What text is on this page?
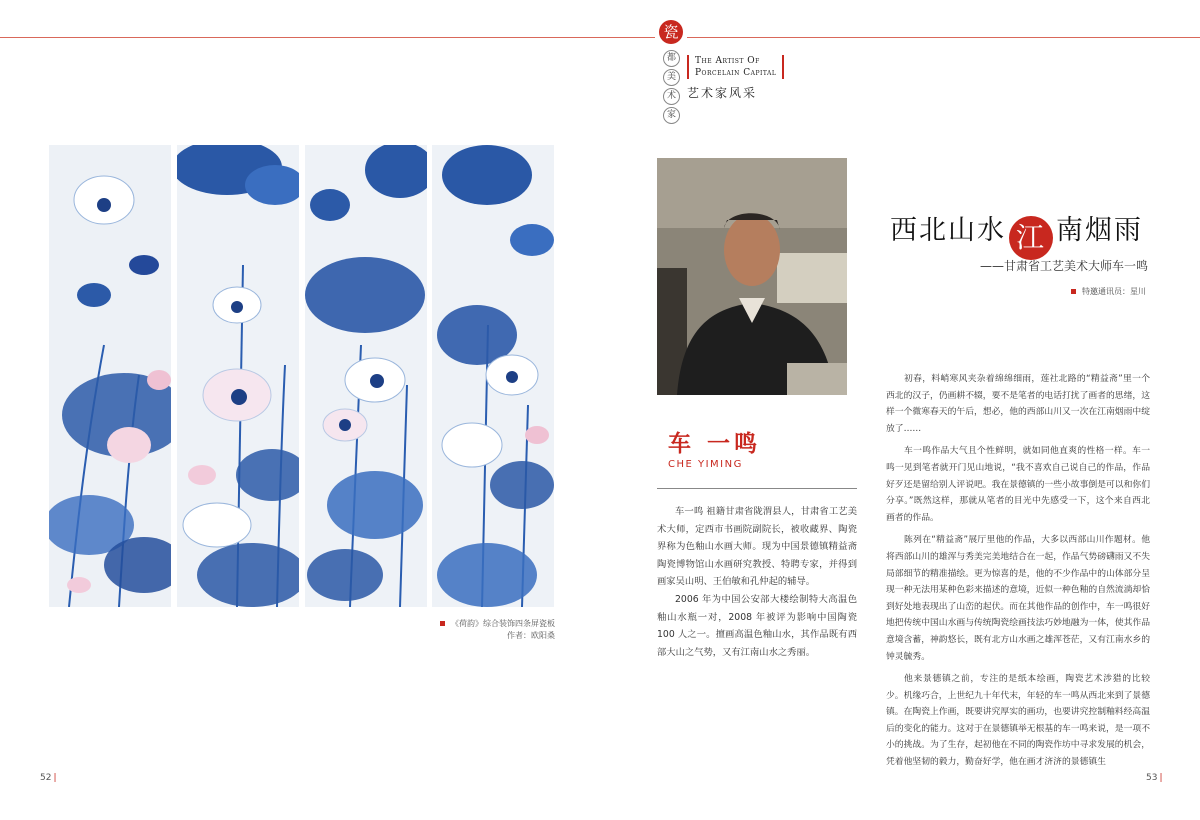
瓷
都
美
术
家
The Artist Of
Porcelain Capital
艺术家风采
《荷韵》综合装饰四条屏瓷板
作者：欧阳桑
西北山水 江 南烟雨
——甘肃省工艺美术大师车一鸣
特邀通讯员：星川
车 一鸣
CHE YIMING

车一鸣 祖籍甘肃省陇渭县人，甘肃省工艺美术大师，定西市书画院副院长，被收藏界、陶瓷界称为色釉山水画大师。现为中国景德镇精益斋陶瓷博物馆山水画研究教授、特聘专家，并得到画家吴山明、王伯敏和孔仲起的辅导。

2006 年为中国公安部大楼绘制特大高温色釉山水瓶一对，2008 年被评为影响中国陶瓷 100 人之一。擅画高温色釉山水，其作品既有西部大山之气势，又有江南山水之秀丽。

初春，料峭寒风夹杂着绵绵细雨，莲社北路的“精益斋”里一个西北的汉子，仍画耕不辍，要不是笔者的电话打扰了画者的思绪，这样一个微寒春天的午后，想必，他的西部山川又一次在江南烟雨中绽放了……

车一鸣作品大气且个性鲜明，就如同他直爽的性格一样。车一鸣一见到笔者就开门见山地说，“我不喜欢自己说自己的作品，作品好歹还是留给别人评说吧。我在景德镇的一些小故事倒是可以和你们分享。”既然这样，那就从笔者的目光中先感受一下，这个来自西北画者的作品。

陈列在“精益斋”展厅里他的作品，大多以西部山川作题材。他将西部山川的雄浑与秀美完美地结合在一起，作品气势磅礴雨又不失局部细节的精准描绘。更为惊喜的是，他的不少作品中的山体部分呈现一种无法用某种色彩来描述的意境，近似一种色釉的自然流淌却恰到好处地表现出了山峦的起伏。而在其他作品的创作中，车一鸣很好地把传统中国山水画与传统陶瓷绘画技法巧妙地融为一体，使其作品意境含蓄，神韵悠长，既有北方山水画之雄浑苍茫，又有江南水乡的钟灵毓秀。

他来景德镇之前，专注的是纸本绘画，陶瓷艺术涉猎的比较少。机缘巧合，上世纪九十年代末，年轻的车一鸣从西北来到了景德镇。在陶瓷上作画，既要讲究厚实的画功，也要讲究控制釉料经高温后的变化的能力。这对于在景德镇举无根基的车一鸣来说，是一项不小的挑战。为了生存，起初他在不同的陶瓷作坊中寻求发展的机会，凭着他坚韧的毅力，勤奋好学，他在画才济济的景德镇生

52 |	53 |
